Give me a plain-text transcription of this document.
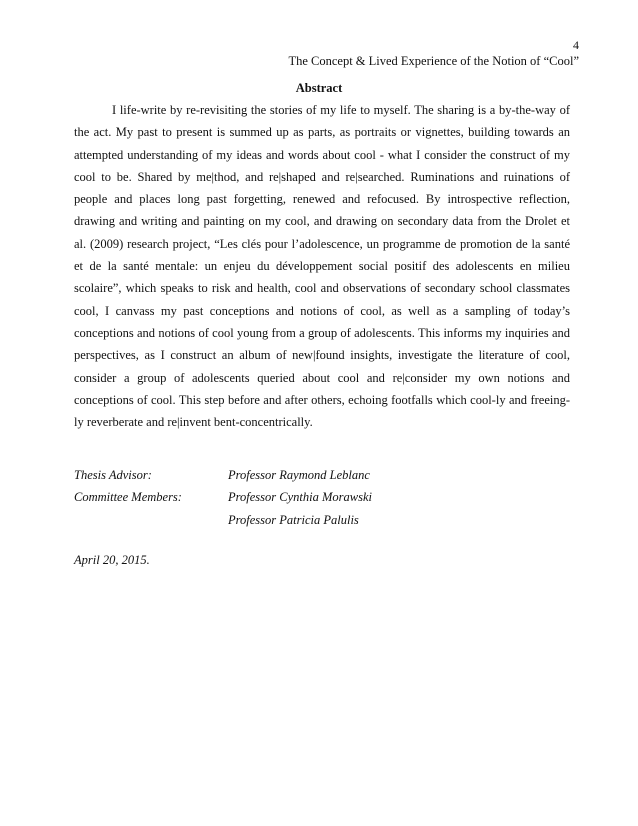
4
The Concept & Lived Experience of the Notion of “Cool”
Abstract

I life-write by re-revisiting the stories of my life to myself. The sharing is a by-the-way of the act. My past to present is summed up as parts, as portraits or vignettes, building towards an attempted understanding of my ideas and words about cool - what I consider the construct of my cool to be. Shared by me|thod, and re|shaped and re|searched. Ruminations and ruinations of people and places long past forgetting, renewed and refocused. By introspective reflection, drawing and writing and painting on my cool, and drawing on secondary data from the Drolet et al. (2009) research project, “Les clés pour l’adolescence, un programme de promotion de la santé et de la santé mentale: un enjeu du développement social positif des adolescents en milieu scolaire”, which speaks to risk and health, cool and observations of secondary school classmates cool, I canvass my past conceptions and notions of cool, as well as a sampling of today’s conceptions and notions of cool young from a group of adolescents. This informs my inquiries and perspectives, as I construct an album of new|found insights, investigate the literature of cool, consider a group of adolescents queried about cool and re|consider my own notions and conceptions of cool. This step before and after others, echoing footfalls which cool-ly and freeing-ly reverberate and re|invent bent-concentrically.

Thesis Advisor:	Professor Raymond Leblanc
Committee Members:	Professor Cynthia Morawski
Professor Patricia Palulis
April 20, 2015.
